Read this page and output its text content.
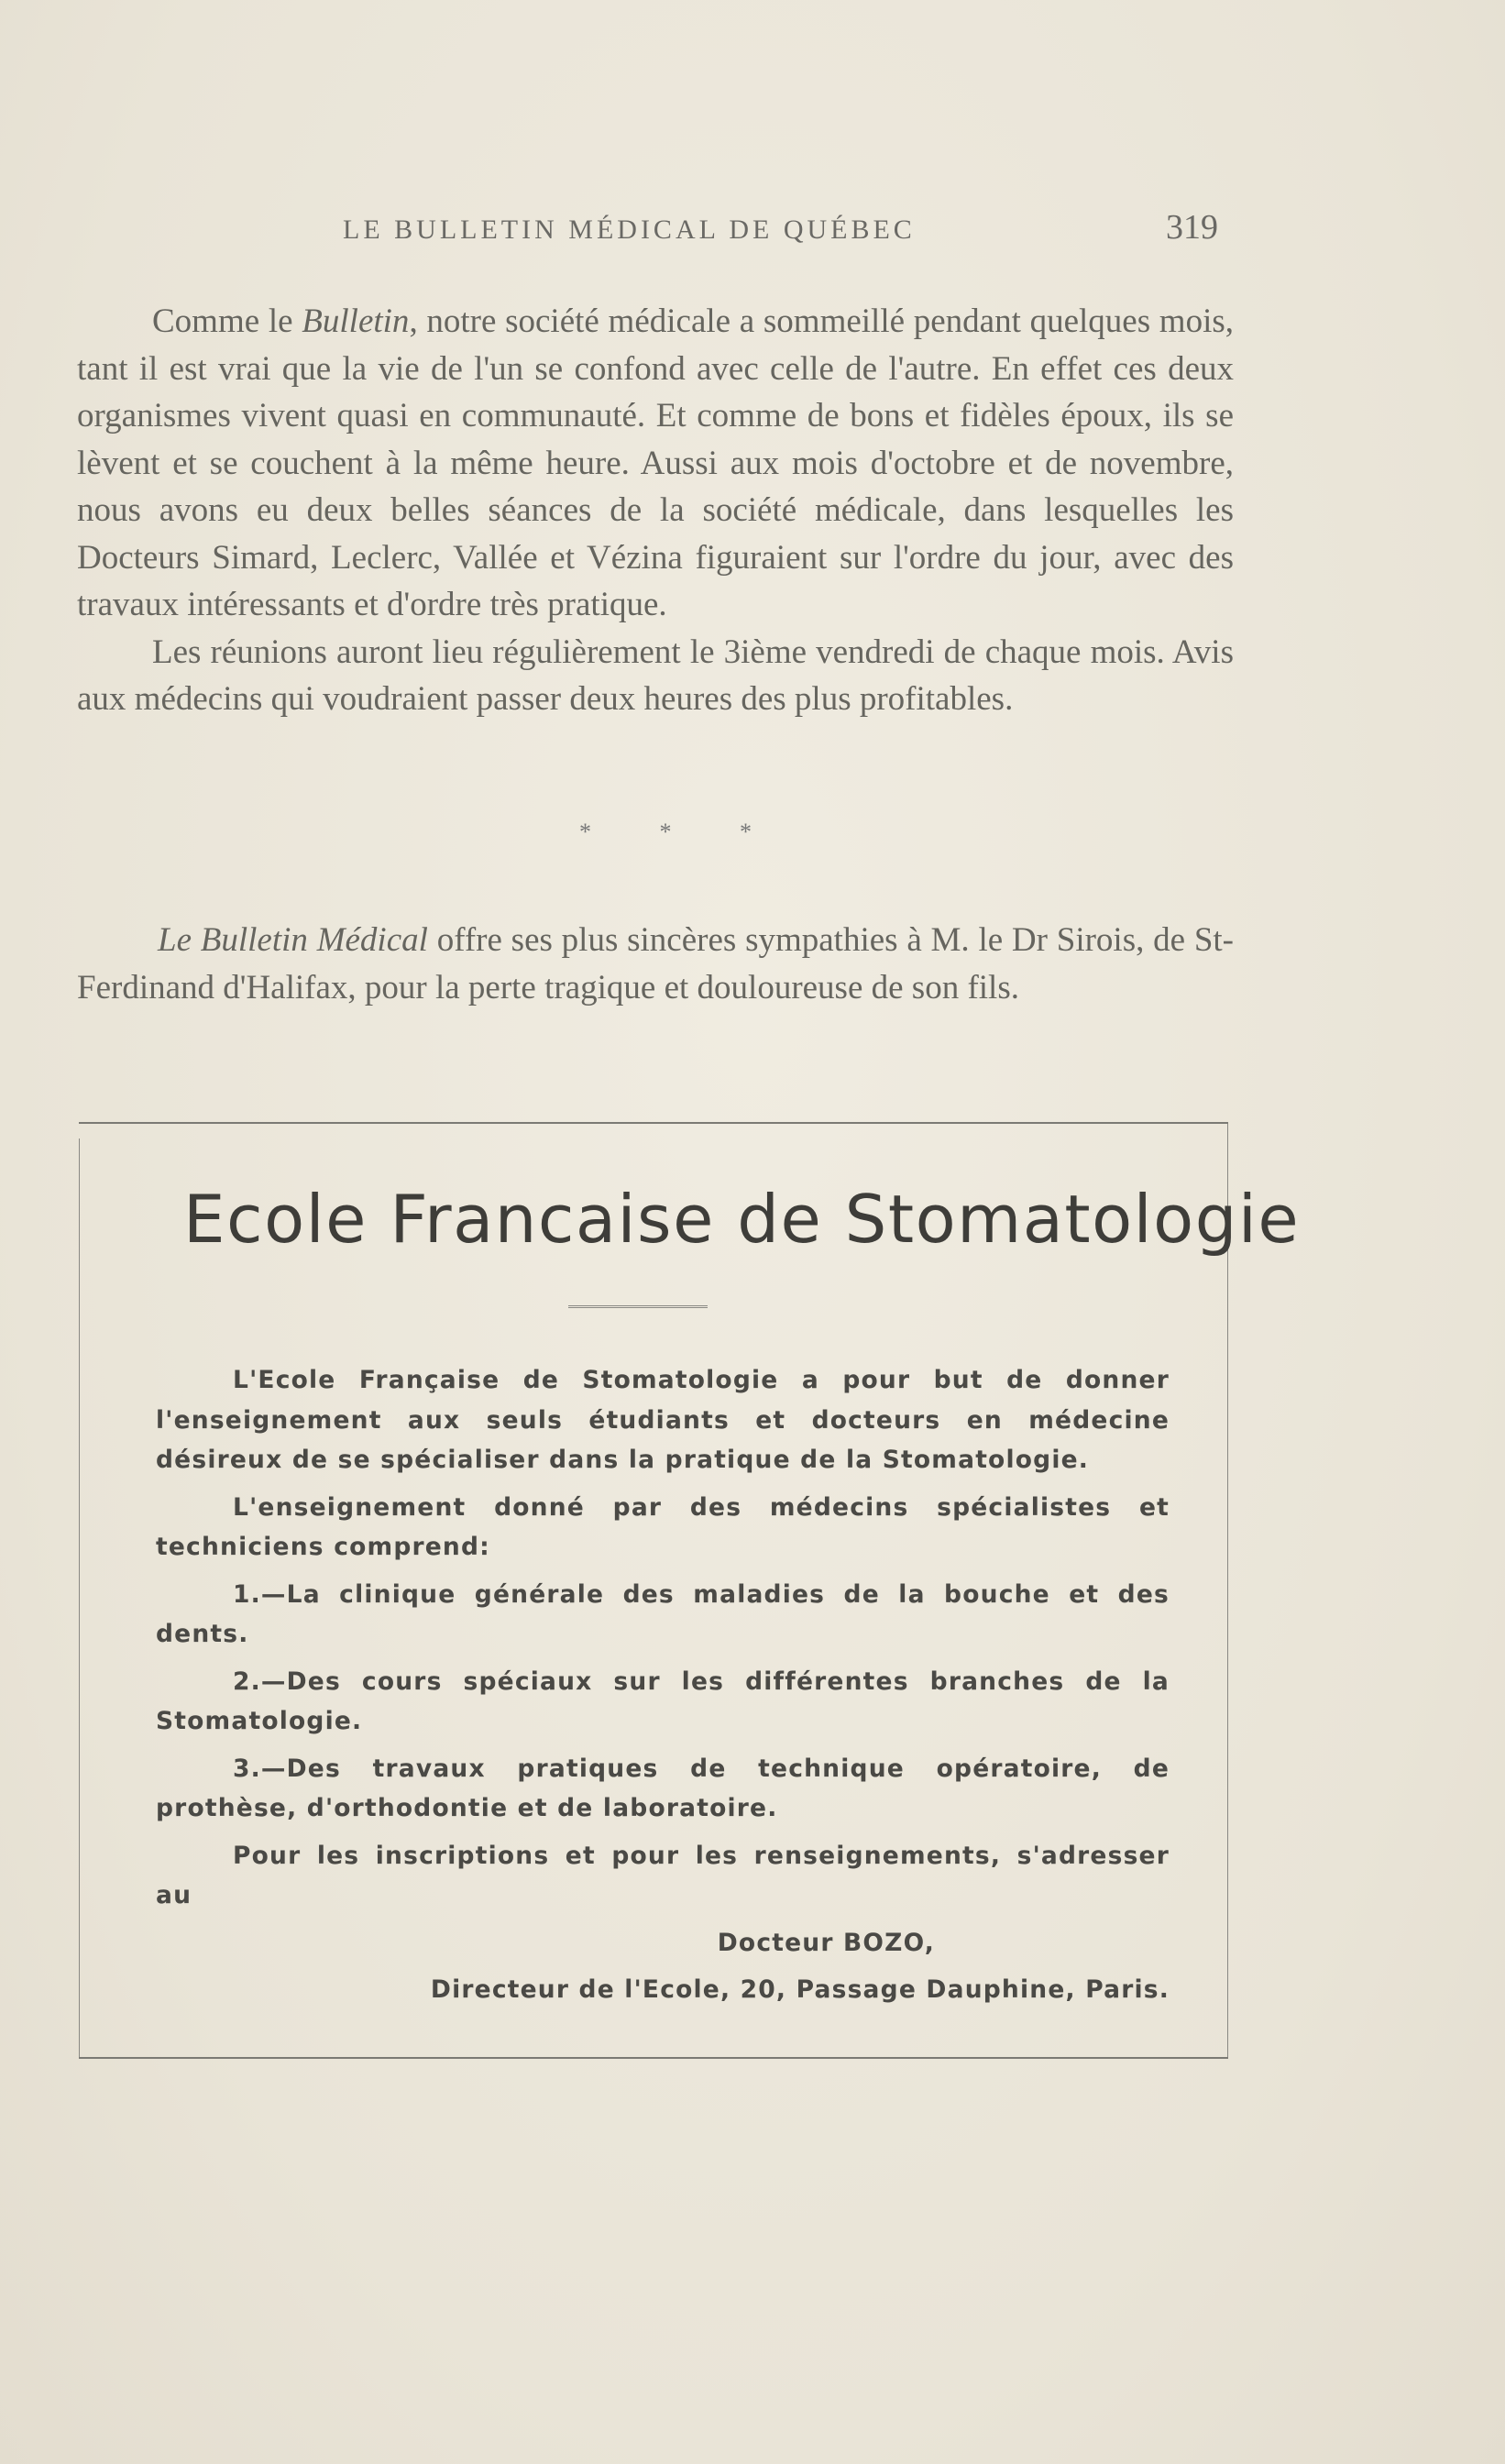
LE BULLETIN MÉDICAL DE QUÉBEC	319

Comme le Bulletin, notre société médicale a sommeillé pendant quelques mois, tant il est vrai que la vie de l'un se confond avec celle de l'autre. En effet ces deux organismes vivent quasi en communauté. Et comme de bons et fidèles époux, ils se lèvent et se couchent à la même heure. Aussi aux mois d'octobre et de novembre, nous avons eu deux belles séances de la société médicale, dans lesquelles les Docteurs Simard, Leclerc, Vallée et Vézina figuraient sur l'ordre du jour, avec des travaux intéressants et d'ordre très pratique.

Les réunions auront lieu régulièrement le 3ième vendredi de chaque mois. Avis aux médecins qui voudraient passer deux heures des plus profitables.

* * *

Le Bulletin Médical offre ses plus sincères sympathies à M. le Dr Sirois, de St-Ferdinand d'Halifax, pour la perte tragique et douloureuse de son fils.

Ecole Francaise de Stomatologie

L'Ecole Française de Stomatologie a pour but de donner l'enseignement aux seuls étudiants et docteurs en médecine désireux de se spécialiser dans la pratique de la Stomatologie.

L'enseignement donné par des médecins spécialistes et techniciens comprend:

1.—La clinique générale des maladies de la bouche et des dents.

2.—Des cours spéciaux sur les différentes branches de la Stomatologie.

3.—Des travaux pratiques de technique opératoire, de prothèse, d'orthodontie et de laboratoire.

Pour les inscriptions et pour les renseignements, s'adresser au

Docteur BOZO,

Directeur de l'Ecole, 20, Passage Dauphine, Paris.
